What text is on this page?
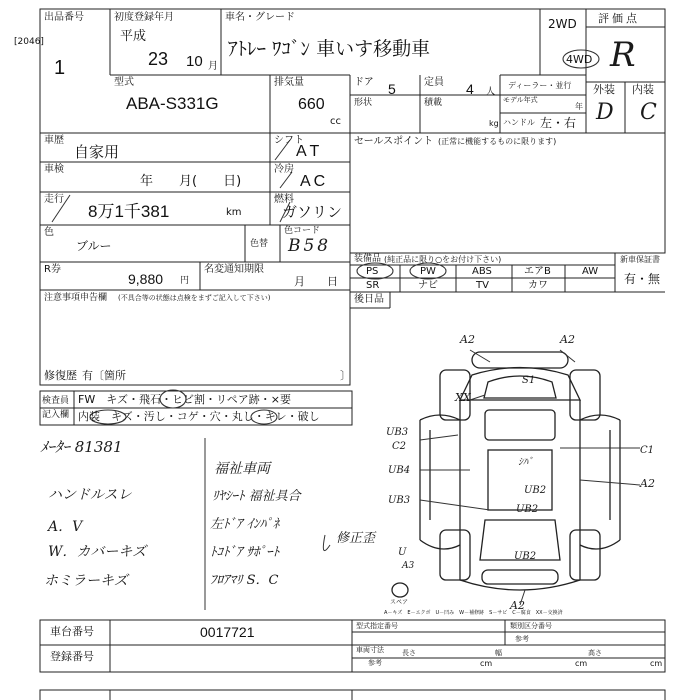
出品番号
[2046]
1
初度登録年月
平成
23 10 月
車名・グレード
ｱﾄﾚｰ ﾜｺﾞﾝ 車いす移動車
2WD
4WD
評価点
R
型式
ABA-S331G
排気量
660
cc
ドア 5	定員 4 人
ディーラー・並行
形状	積載	モデル年式
年
kg ハンドル 左・右
外装 内装
D C
車歴
自家用
シフト
AT
車検
年　　月(　　日)
冷房
AC
走行
8万1千381	km
燃料
ガソリン
色
ブルー	色替
色コード
B58
R券
9,880 円
名変通知期限
月　　日
注意事項申告欄 (不具合等の状態は点検をまずご記入して下さい)
修復歴 有〔箇所	〕
セールスポイント (正常に機能するものに限ります)
装備品 (純正品に限り○をお付け下さい)
PS	PW	ABS	エアB	AW
SR	ナビ	TV	カワ
新車保証書
有・無
後日品
検査員記入欄
FW　キズ・飛石・ヒビ割・リペア跡・×要
内装　キズ・汚し・コゲ・穴・丸し・キレ・破し
ﾒｰﾀｰ 81381
ハンドルスレ
A．V
W．カバーキズ
ホミラーキズ
福祉車両
ﾘﾔｼｰﾄ 福祉具合
左ﾄﾞｱ ｲﾝﾊﾟﾈ
ﾄｺﾄﾞｱ ｻﾎﾟｰﾄ
ﾌﾛｱﾏﾘ S．C
修正歪
A2	A2
XX
S1
UB3
C2	C1
UB4
A2
UB3
ｼﾊﾞ
UB2
UB2
U
A3
UB2
A2
スペア
A－キズ　E－エクボ　U－凹み　W－補修跡　S－サビ　C－腐食　XX－交換済
車台番号	0017721
登録番号
型式指定番号	類別区分番号
車両寸法
参考
長さ
cm
幅
cm
高さ
cm
参考
